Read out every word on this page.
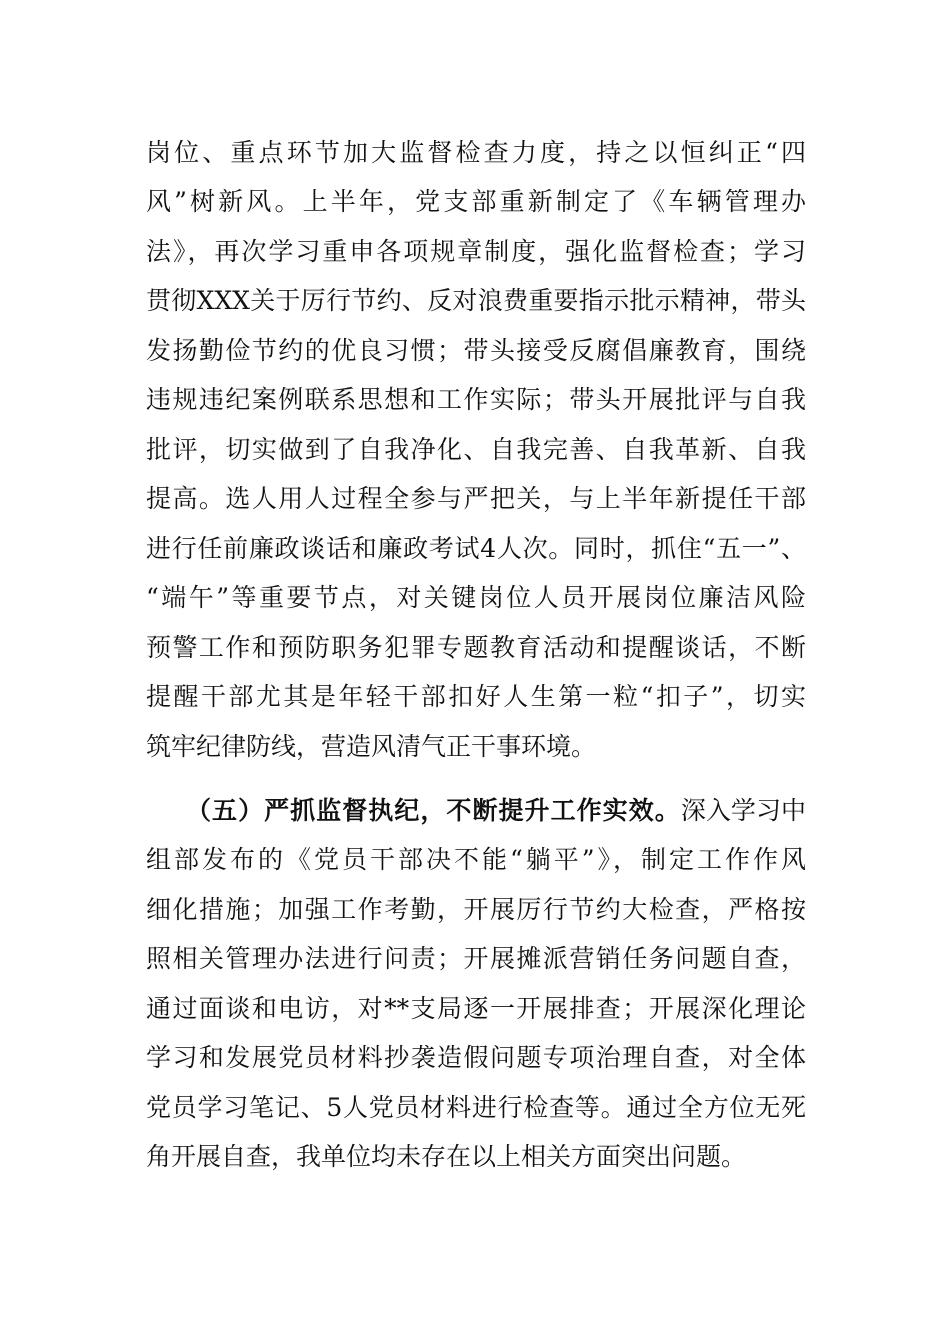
岗位、重点环节加大监督检查力度，持之以恒纠正“四
风”树新风。上半年，党支部重新制定了《车辆管理办
法》，再次学习重申各项规章制度，强化监督检查；学习
贯彻XXX关于厉行节约、反对浪费重要指示批示精神，带头
发扬勤俭节约的优良习惯；带头接受反腐倡廉教育，围绕
违规违纪案例联系思想和工作实际；带头开展批评与自我
批评，切实做到了自我净化、自我完善、自我革新、自我
提高。选人用人过程全参与严把关，与上半年新提任干部
进行任前廉政谈话和廉政考试4人次。同时，抓住“五一”、
“端午”等重要节点，对关键岗位人员开展岗位廉洁风险
预警工作和预防职务犯罪专题教育活动和提醒谈话，不断
提醒干部尤其是年轻干部扣好人生第一粒“扣子”，切实
筑牢纪律防线，营造风清气正干事环境。
（五）严抓监督执纪，不断提升工作实效。深入学习中
组部发布的《党员干部决不能“躺平”》，制定工作作风
细化措施；加强工作考勤，开展厉行节约大检查，严格按
照相关管理办法进行问责；开展摊派营销任务问题自查，
通过面谈和电访，对**支局逐一开展排查；开展深化理论
学习和发展党员材料抄袭造假问题专项治理自查，对全体
党员学习笔记、5人党员材料进行检查等。通过全方位无死
角开展自查，我单位均未存在以上相关方面突出问题。
